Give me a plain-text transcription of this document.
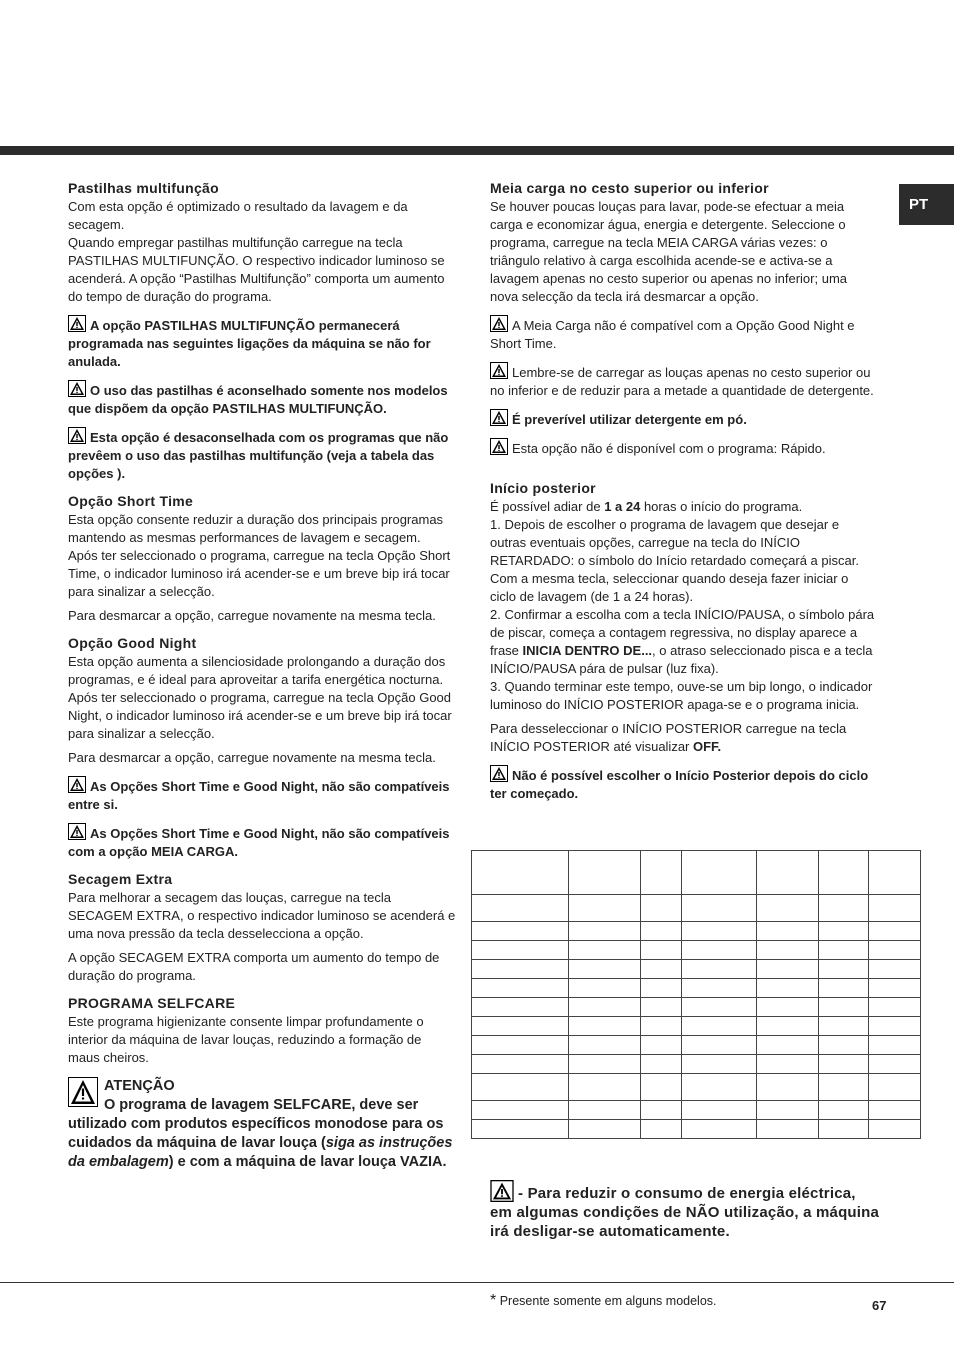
PT
Pastilhas multifunção

Com esta opção é optimizado o resultado da lavagem e da secagem.

Quando empregar pastilhas multifunção carregue na tecla PASTILHAS MULTIFUNÇÃO. O respectivo indicador luminoso se acenderá. A opção “Pastilhas Multifunção” comporta um aumento do tempo de duração do programa.

A opção PASTILHAS MULTIFUNÇÃO permanecerá programada nas seguintes ligações da máquina se não for anulada.
O uso das pastilhas é aconselhado somente nos modelos que dispõem da opção PASTILHAS MULTIFUNÇÃO.
Esta opção é desaconselhada com os programas que não prevêem o uso das pastilhas multifunção (veja a tabela das opções ).
Opção Short Time

Esta opção consente reduzir a duração dos principais programas mantendo as mesmas performances de lavagem e secagem.

Após ter seleccionado o programa, carregue na tecla Opção Short Time, o indicador luminoso irá acender-se e um breve bip irá tocar para sinalizar a selecção.

Para desmarcar a opção, carregue novamente na mesma tecla.

Opção Good Night

Esta opção aumenta a silenciosidade prolongando a duração dos programas, e é ideal para aproveitar a tarifa energética nocturna.

Após ter seleccionado o programa, carregue na tecla Opção Good Night, o indicador luminoso irá acender-se e um breve bip irá tocar para sinalizar a selecção.

Para desmarcar a opção, carregue novamente na mesma tecla.

As Opções Short Time e Good Night, não são compatíveis entre si.
As Opções Short Time e Good Night, não são compatíveis com a opção MEIA CARGA.
Secagem Extra

Para melhorar a secagem das louças, carregue na tecla SECAGEM EXTRA, o respectivo indicador luminoso se acenderá e uma nova pressão da tecla desselecciona a opção.

A opção SECAGEM EXTRA comporta um aumento do tempo de duração do programa.

PROGRAMA SELFCARE

Este programa higienizante consente limpar profundamente o interior da máquina de lavar louças, reduzindo a formação de maus cheiros.

ATENÇÃO
O programa de lavagem SELFCARE, deve ser utilizado com produtos específicos monodose para os cuidados da máquina de lavar louça (siga as instruções da embalagem) e com a máquina de lavar louça VAZIA.
Meia carga no cesto superior ou inferior

Se houver poucas louças para lavar, pode-se efectuar a meia carga e economizar água, energia e detergente. Seleccione o programa, carregue na tecla MEIA CARGA várias vezes: o triângulo relativo à carga escolhida acende-se e activa-se a lavagem apenas no cesto superior ou apenas no inferior; uma nova selecção da tecla irá desmarcar a opção.

A Meia Carga não é compatível com a Opção Good Night e Short Time.
Lembre-se de carregar as louças apenas no cesto superior ou no inferior e de reduzir para a metade a quantidade de detergente.
É preverível utilizar detergente em pó.
Esta opção não é disponível com o programa: Rápido.
Início posterior

É possível adiar de 1 a 24 horas o início do programa.

1. Depois de escolher o programa de lavagem que desejar e outras eventuais opções, carregue na tecla do INÍCIO RETARDADO: o símbolo do Início retardado começará a piscar. Com a mesma tecla, seleccionar quando deseja fazer iniciar o ciclo de lavagem (de 1 a 24 horas).

2. Confirmar a escolha com a tecla INÍCIO/PAUSA, o símbolo pára de piscar, começa a contagem regressiva, no display aparece a frase INICIA DENTRO DE..., o atraso seleccionado pisca e a tecla INÍCIO/PAUSA pára de pulsar (luz fixa).

3. Quando terminar este tempo, ouve-se um bip longo, o indicador luminoso do INÍCIO POSTERIOR apaga-se e o programa inicia.

Para desseleccionar o INÍCIO POSTERIOR carregue na tecla INÍCIO POSTERIOR até visualizar OFF.

Não é possível escolher o Início Posterior depois do ciclo ter começado.

- Para reduzir o consumo de energia eléctrica, em algumas condições de NÃO utilização, a máquina irá desligar-se automaticamente.
* Presente somente em alguns modelos.	67
